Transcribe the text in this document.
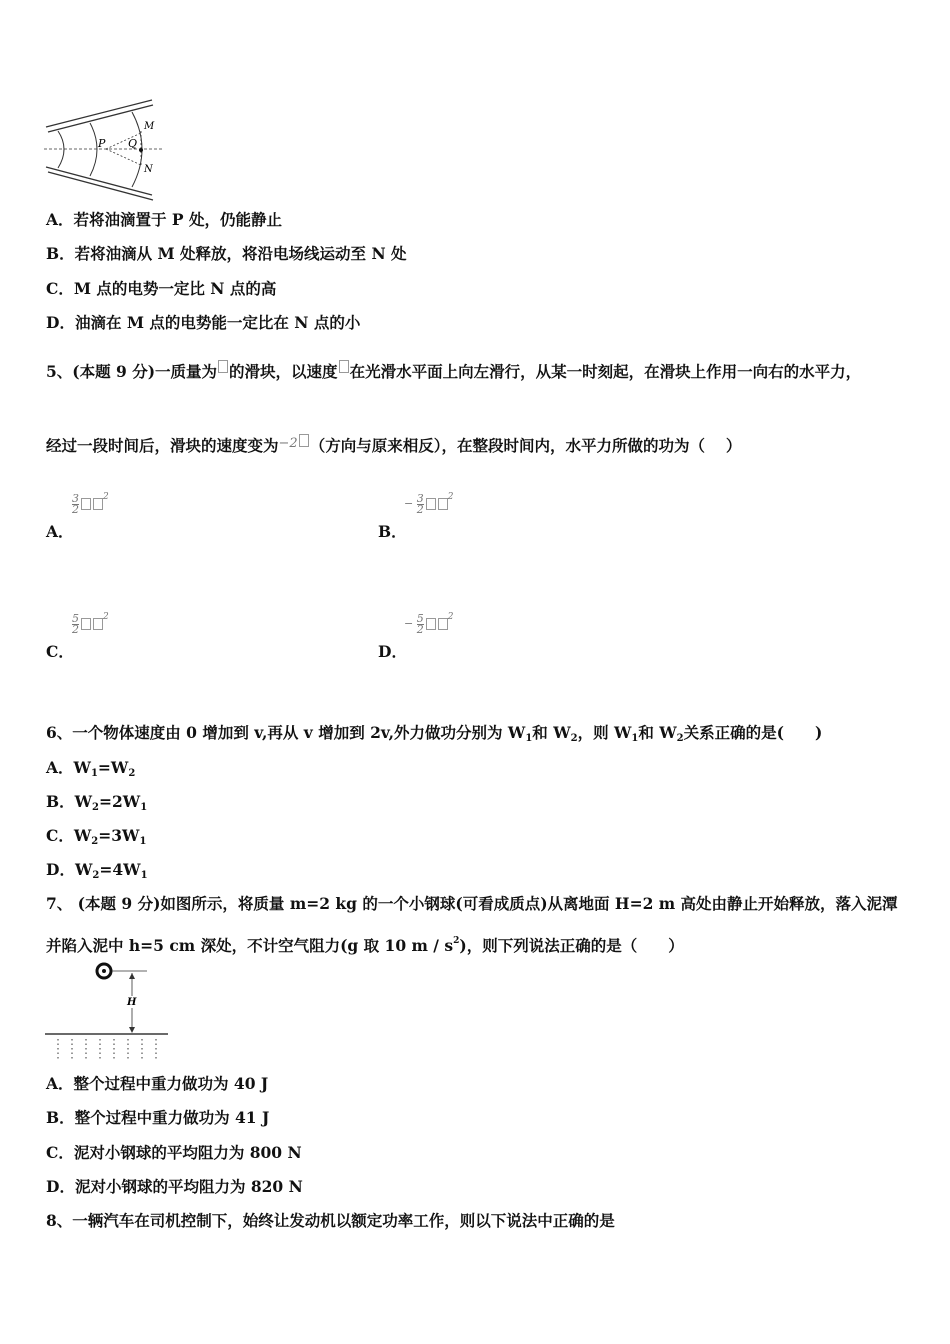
P Q
M
N
A．若将油滴置于 P 处，仍能静止
B．若将油滴从 M 处释放，将沿电场线运动至 N 处
C．M 点的电势一定比 N 点的高
D．油滴在 M 点的电势能一定比在 N 点的小
5、(本题 9 分)一质量为 的滑块，以速度 在光滑水平面上向左滑行，从某一时刻起，在滑块上作用一向右的水平力，
经过一段时间后，滑块的速度变为$^{-2}$ （方向与原来相反），在整段时间内，水平力所做的功为（　 ）
$\frac{3}{2}$	$^2$
A．
− $\frac{3}{2}$	$^2$
B．
$\frac{5}{2}$	$^2$
C．
− $\frac{5}{2}$	$^2$
D．
6、一个物体速度由 0 增加到 v,再从 v 增加到 2v,外力做功分别为 $W_1$和 $W_2$，则 $W_1$和 $W_2$关系正确的是(　　)
A．$W_1=W_2$
B．$W_2=2W_1$
C．$W_2=3W_1$
D．$W_2=4W_1$
7、 (本题 9 分)如图所示，将质量 m=2 kg 的一个小钢球(可看成质点)从离地面 H=2 m 高处由静止开始释放，落入泥潭
并陷入泥中 h=5 cm 深处，不计空气阻力(g 取 10 m / $s^2$)，则下列说法正确的是（　　）
H
A．整个过程中重力做功为 40 J
B．整个过程中重力做功为 41 J
C．泥对小钢球的平均阻力为 800 N
D．泥对小钢球的平均阻力为 820 N
8、一辆汽车在司机控制下，始终让发动机以额定功率工作，则以下说法中正确的是
